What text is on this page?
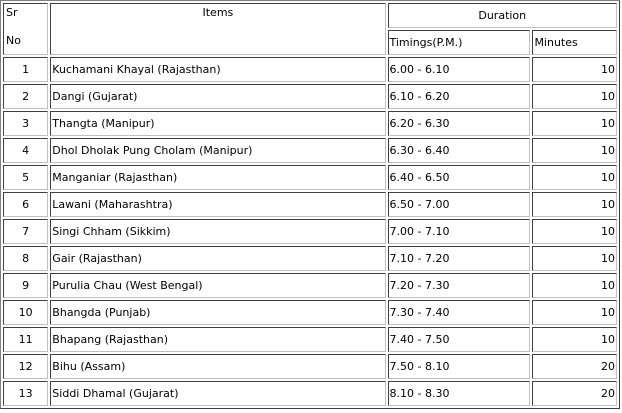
Sr
No	Items	Duration	
		Timings(P.M.)	Minutes
1	Kuchamani Khayal (Rajasthan)	6.00 - 6.10	10
2	Dangi (Gujarat)	6.10 - 6.20	10
3	Thangta (Manipur)	6.20 - 6.30	10
4	Dhol Dholak Pung Cholam (Manipur)	6.30 - 6.40	10
5	Manganiar (Rajasthan)	6.40 - 6.50	10
6	Lawani (Maharashtra)	6.50 - 7.00	10
7	Singi Chham (Sikkim)	7.00 - 7.10	10
8	Gair (Rajasthan)	7.10 - 7.20	10
9	Purulia Chau (West Bengal)	7.20 - 7.30	10
10	Bhangda (Punjab)	7.30 - 7.40	10
11	Bhapang (Rajasthan)	7.40 - 7.50	10
12	Bihu (Assam)	7.50 - 8.10	20
13	Siddi Dhamal (Gujarat)	8.10 - 8.30	20
